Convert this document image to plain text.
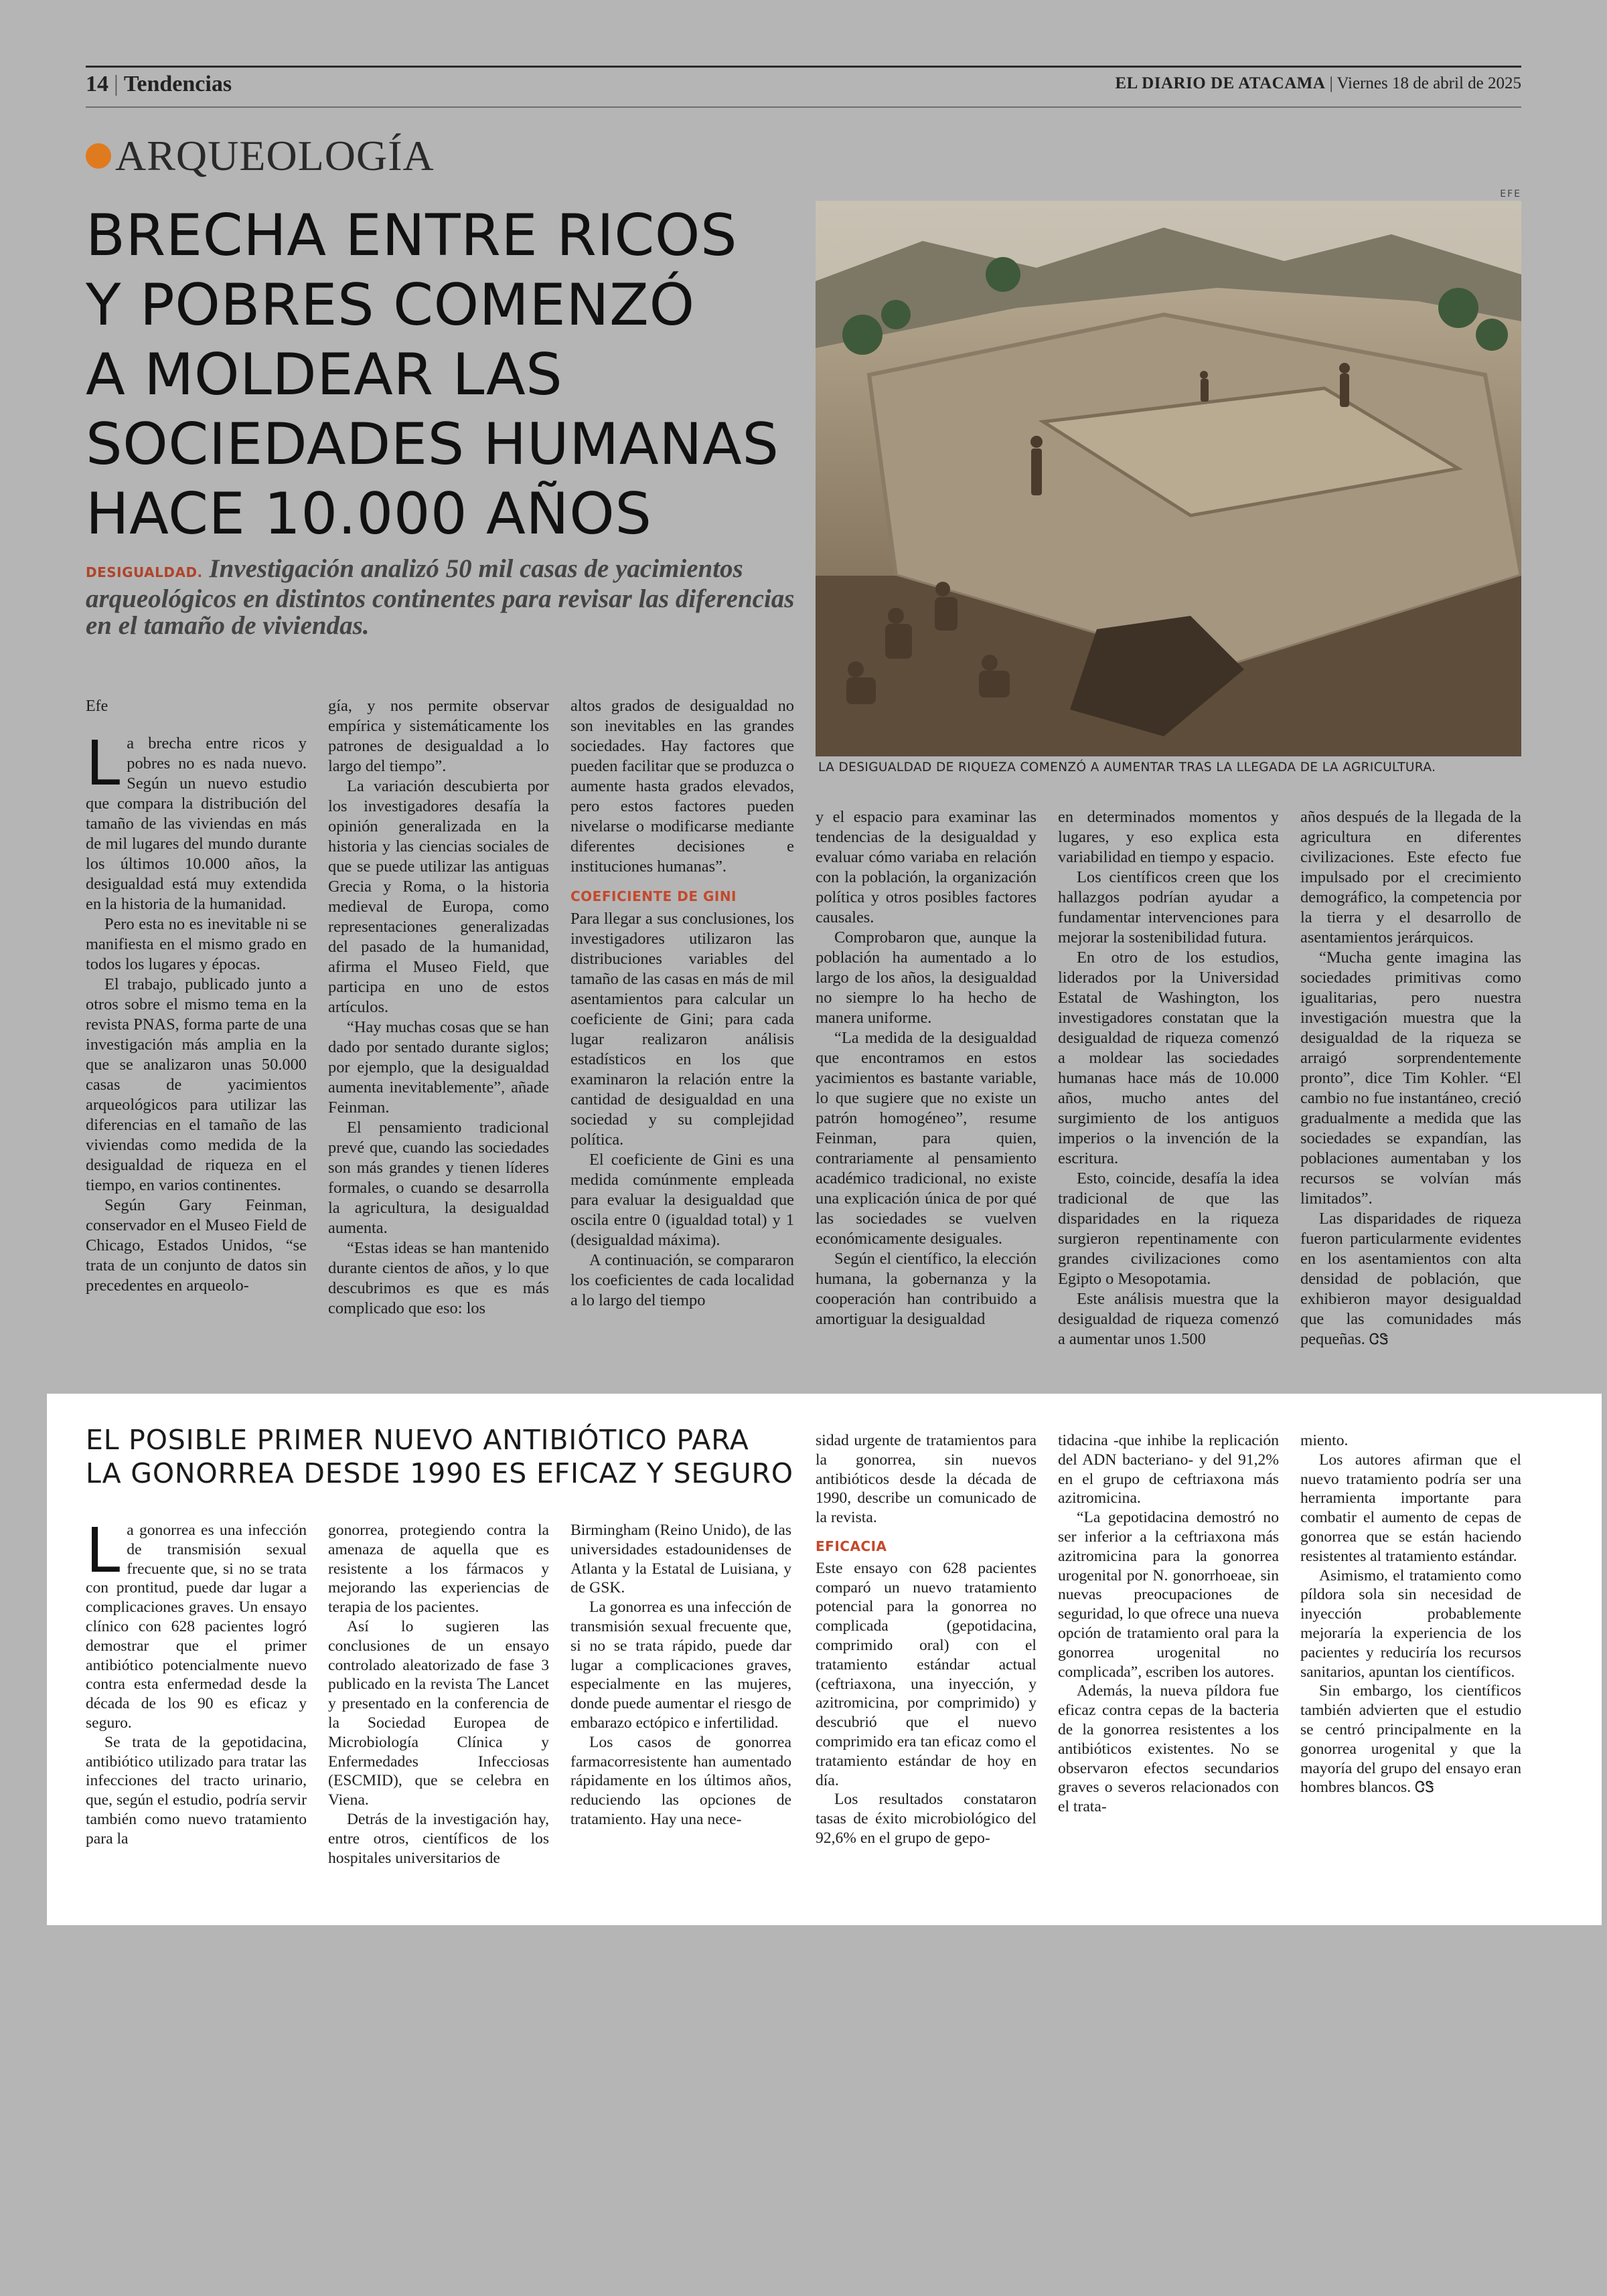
14 | Tendencias	EL DIARIO DE ATACAMA | Viernes 18 de abril de 2025
ARQUEOLOGÍA
BRECHA ENTRE RICOS
Y POBRES COMENZÓ
A MOLDEAR LAS
SOCIEDADES HUMANAS
HACE 10.000 AÑOS
DESIGUALDAD. Investigación analizó 50 mil casas de yacimientos arqueológicos en distintos continentes para revisar las diferencias en el tamaño de viviendas.
EFE
LA DESIGUALDAD DE RIQUEZA COMENZÓ A AUMENTAR TRAS LA LLEGADA DE LA AGRICULTURA.

Efe

La brecha entre ricos y pobres no es nada nuevo. Según un nuevo estudio que compara la distribución del tamaño de las viviendas en más de mil lugares del mundo durante los últimos 10.000 años, la desigualdad está muy extendida en la historia de la humanidad.

Pero esta no es inevitable ni se manifiesta en el mismo grado en todos los lugares y épocas.

El trabajo, publicado junto a otros sobre el mismo tema en la revista PNAS, forma parte de una investigación más amplia en la que se analizaron unas 50.000 casas de yacimientos arqueológicos para utilizar las diferencias en el tamaño de las viviendas como medida de la desigualdad de riqueza en el tiempo, en varios continentes.

Según Gary Feinman, conservador en el Museo Field de Chicago, Estados Unidos, “se trata de un conjunto de datos sin precedentes en arqueolo-

gía, y nos permite observar empírica y sistemáticamente los patrones de desigualdad a lo largo del tiempo”.

La variación descubierta por los investigadores desafía la opinión generalizada en la historia y las ciencias sociales de que se puede utilizar las antiguas Grecia y Roma, o la historia medieval de Europa, como representaciones generalizadas del pasado de la humanidad, afirma el Museo Field, que participa en uno de estos artículos.

“Hay muchas cosas que se han dado por sentado durante siglos; por ejemplo, que la desigualdad aumenta inevitablemente”, añade Feinman.

El pensamiento tradicional prevé que, cuando las sociedades son más grandes y tienen líderes formales, o cuando se desarrolla la agricultura, la desigualdad aumenta.

“Estas ideas se han mantenido durante cientos de años, y lo que descubrimos es que es más complicado que eso: los

altos grados de desigualdad no son inevitables en las grandes sociedades. Hay factores que pueden facilitar que se produzca o aumente hasta grados elevados, pero estos factores pueden nivelarse o modificarse mediante diferentes decisiones e instituciones humanas”.

COEFICIENTE DE GINI

Para llegar a sus conclusiones, los investigadores utilizaron las distribuciones variables del tamaño de las casas en más de mil asentamientos para calcular un coeficiente de Gini; para cada lugar realizaron análisis estadísticos en los que examinaron la relación entre la cantidad de desigualdad en una sociedad y su complejidad política.

El coeficiente de Gini es una medida comúnmente empleada para evaluar la desigualdad que oscila entre 0 (igualdad total) y 1 (desigualdad máxima).

A continuación, se compararon los coeficientes de cada localidad a lo largo del tiempo

y el espacio para examinar las tendencias de la desigualdad y evaluar cómo variaba en relación con la población, la organización política y otros posibles factores causales.

Comprobaron que, aunque la población ha aumentado a lo largo de los años, la desigualdad no siempre lo ha hecho de manera uniforme.

“La medida de la desigualdad que encontramos en estos yacimientos es bastante variable, lo que sugiere que no existe un patrón homogéneo”, resume Feinman, para quien, contrariamente al pensamiento académico tradicional, no existe una explicación única de por qué las sociedades se vuelven económicamente desiguales.

Según el científico, la elección humana, la gobernanza y la cooperación han contribuido a amortiguar la desigualdad

en determinados momentos y lugares, y eso explica esta variabilidad en tiempo y espacio.

Los científicos creen que los hallazgos podrían ayudar a fundamentar intervenciones para mejorar la sostenibilidad futura.

En otro de los estudios, liderados por la Universidad Estatal de Washington, los investigadores constatan que la desigualdad de riqueza comenzó a moldear las sociedades humanas hace más de 10.000 años, mucho antes del surgimiento de los antiguos imperios o la invención de la escritura.

Esto, coincide, desafía la idea tradicional de que las disparidades en la riqueza surgieron repentinamente con grandes civilizaciones como Egipto o Mesopotamia.

Este análisis muestra que la desigualdad de riqueza comenzó a aumentar unos 1.500

años después de la llegada de la agricultura en diferentes civilizaciones. Este efecto fue impulsado por el crecimiento demográfico, la competencia por la tierra y el desarrollo de asentamientos jerárquicos.

“Mucha gente imagina las sociedades primitivas como igualitarias, pero nuestra investigación muestra que la desigualdad de la riqueza se arraigó sorprendentemente pronto”, dice Tim Kohler. “El cambio no fue instantáneo, creció gradualmente a medida que las sociedades se expandían, las poblaciones aumentaban y los recursos se volvían más limitados”.

Las disparidades de riqueza fueron particularmente evidentes en los asentamientos con alta densidad de población, que exhibieron mayor desigualdad que las comunidades más pequeñas. ᏣᏕ

EL POSIBLE PRIMER NUEVO ANTIBIÓTICO PARA
LA GONORREA DESDE 1990 ES EFICAZ Y SEGURO

La gonorrea es una infección de transmisión sexual frecuente que, si no se trata con prontitud, puede dar lugar a complicaciones graves. Un ensayo clínico con 628 pacientes logró demostrar que el primer antibiótico potencialmente nuevo contra esta enfermedad desde la década de los 90 es eficaz y seguro.

Se trata de la gepotidacina, antibiótico utilizado para tratar las infecciones del tracto urinario, que, según el estudio, podría servir también como nuevo tratamiento para la

gonorrea, protegiendo contra la amenaza de aquella que es resistente a los fármacos y mejorando las experiencias de terapia de los pacientes.

Así lo sugieren las conclusiones de un ensayo controlado aleatorizado de fase 3 publicado en la revista The Lancet y presentado en la conferencia de la Sociedad Europea de Microbiología Clínica y Enfermedades Infecciosas (ESCMID), que se celebra en Viena.

Detrás de la investigación hay, entre otros, científicos de los hospitales universitarios de

Birmingham (Reino Unido), de las universidades estadounidenses de Atlanta y la Estatal de Luisiana, y de GSK.

La gonorrea es una infección de transmisión sexual frecuente que, si no se trata rápido, puede dar lugar a complicaciones graves, especialmente en las mujeres, donde puede aumentar el riesgo de embarazo ectópico e infertilidad.

Los casos de gonorrea farmacorresistente han aumentado rápidamente en los últimos años, reduciendo las opciones de tratamiento. Hay una nece-

sidad urgente de tratamientos para la gonorrea, sin nuevos antibióticos desde la década de 1990, describe un comunicado de la revista.

EFICACIA

Este ensayo con 628 pacientes comparó un nuevo tratamiento potencial para la gonorrea no complicada (gepotidacina, comprimido oral) con el tratamiento estándar actual (ceftriaxona, una inyección, y azitromicina, por comprimido) y descubrió que el nuevo comprimido era tan eficaz como el tratamiento estándar de hoy en día.

Los resultados constataron tasas de éxito microbiológico del 92,6% en el grupo de gepo-

tidacina -que inhibe la replicación del ADN bacteriano- y del 91,2% en el grupo de ceftriaxona más azitromicina.

“La gepotidacina demostró no ser inferior a la ceftriaxona más azitromicina para la gonorrea urogenital por N. gonorrhoeae, sin nuevas preocupaciones de seguridad, lo que ofrece una nueva opción de tratamiento oral para la gonorrea urogenital no complicada”, escriben los autores.

Además, la nueva píldora fue eficaz contra cepas de la bacteria de la gonorrea resistentes a los antibióticos existentes. No se observaron efectos secundarios graves o severos relacionados con el trata-

miento.

Los autores afirman que el nuevo tratamiento podría ser una herramienta importante para combatir el aumento de cepas de gonorrea que se están haciendo resistentes al tratamiento estándar.

Asimismo, el tratamiento como píldora sola sin necesidad de inyección probablemente mejoraría la experiencia de los pacientes y reduciría los recursos sanitarios, apuntan los científicos.

Sin embargo, los científicos también advierten que el estudio se centró principalmente en la gonorrea urogenital y que la mayoría del grupo del ensayo eran hombres blancos. ᏣᏕ
